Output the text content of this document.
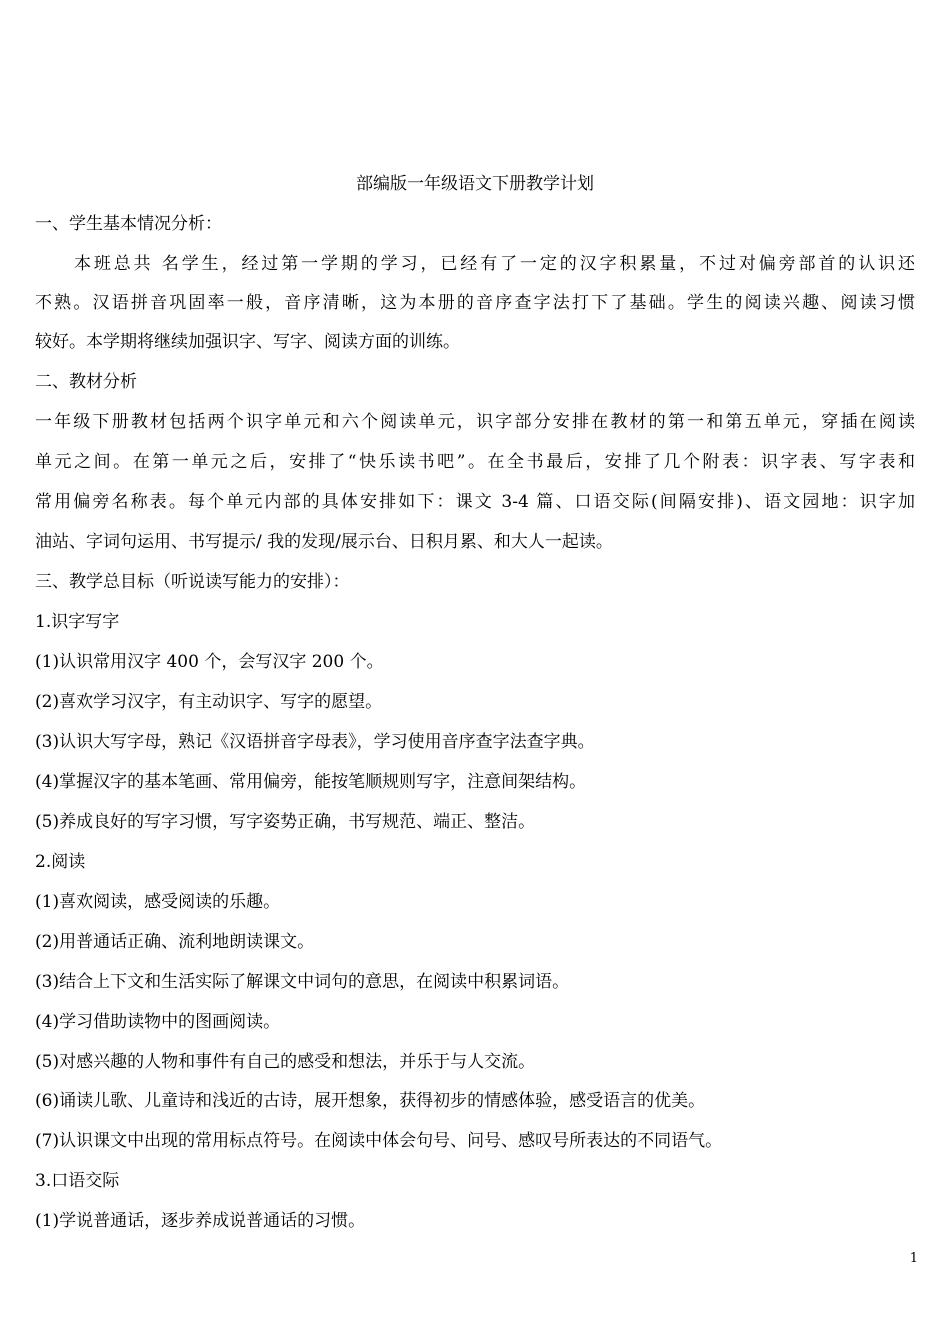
部编版一年级语文下册教学计划
一、学生基本情况分析：
本班总共 名学生，经过第一学期的学习，已经有了一定的汉字积累量，不过对偏旁部首的认识还
不熟。汉语拼音巩固率一般，音序清晰，这为本册的音序查字法打下了基础。学生的阅读兴趣、阅读习惯
较好。本学期将继续加强识字、写字、阅读方面的训练。
二、教材分析
一年级下册教材包括两个识字单元和六个阅读单元，识字部分安排在教材的第一和第五单元，穿插在阅读
单元之间。在第一单元之后，安排了“快乐读书吧”。在全书最后，安排了几个附表：识字表、写字表和
常用偏旁名称表。每个单元内部的具体安排如下：课文 3-4 篇、口语交际(间隔安排)、语文园地：识字加
油站、字词句运用、书写提示/ 我的发现/展示台、日积月累、和大人一起读。
三、教学总目标（听说读写能力的安排）：
1.识字写字
(1)认识常用汉字 400 个，会写汉字 200 个。
(2)喜欢学习汉字，有主动识字、写字的愿望。
(3)认识大写字母，熟记《汉语拼音字母表》，学习使用音序查字法查字典。
(4)掌握汉字的基本笔画、常用偏旁，能按笔顺规则写字，注意间架结构。
(5)养成良好的写字习惯，写字姿势正确，书写规范、端正、整洁。
2.阅读
(1)喜欢阅读，感受阅读的乐趣。
(2)用普通话正确、流利地朗读课文。
(3)结合上下文和生活实际了解课文中词句的意思，在阅读中积累词语。
(4)学习借助读物中的图画阅读。
(5)对感兴趣的人物和事件有自己的感受和想法，并乐于与人交流。
(6)诵读儿歌、儿童诗和浅近的古诗，展开想象，获得初步的情感体验，感受语言的优美。
(7)认识课文中出现的常用标点符号。在阅读中体会句号、问号、感叹号所表达的不同语气。
3.口语交际
(1)学说普通话，逐步养成说普通话的习惯。
1
